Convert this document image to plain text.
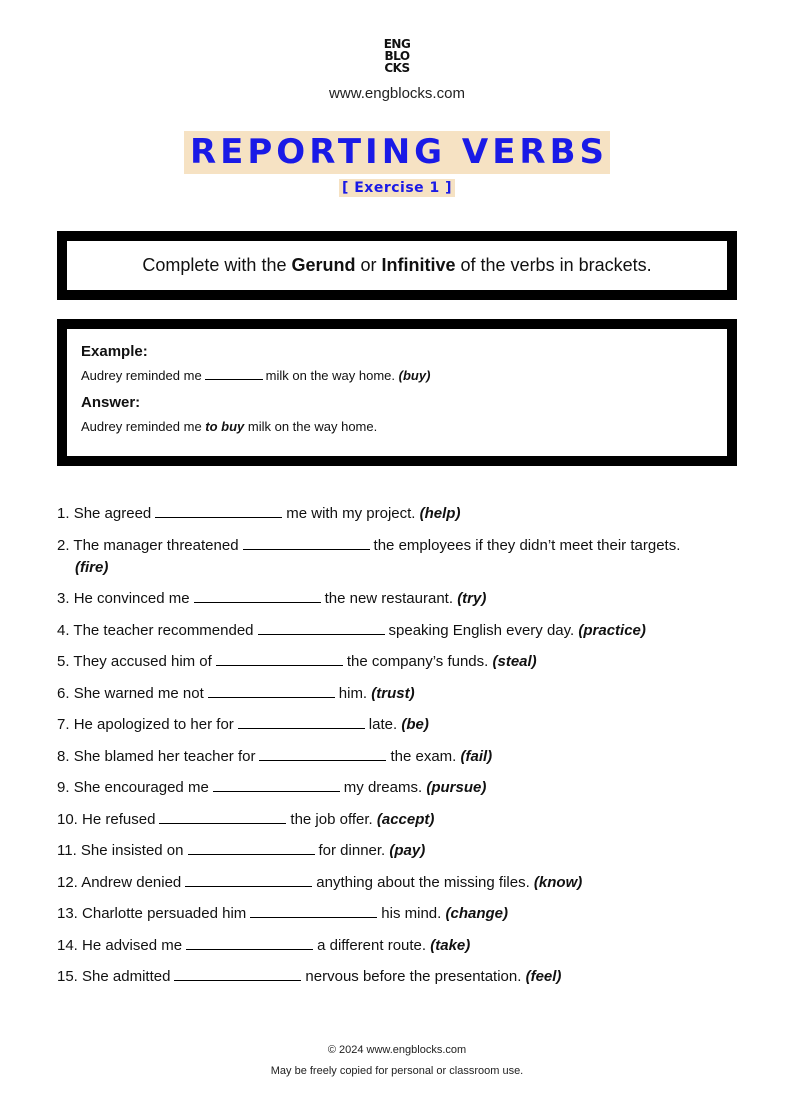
ENG
BLO
CKS
www.engblocks.com
REPORTING VERBS
[ Exercise 1 ]
Complete with the Gerund or Infinitive of the verbs in brackets.
Example:
Audrey reminded me	milk on the way home. (buy)
Answer:
Audrey reminded me to buy milk on the way home.
1. She agreed	me with my project. (help)
2. The manager threatened	the employees if they didn’t meet their targets.
(fire)
3. He convinced me	the new restaurant. (try)
4. The teacher recommended	speaking English every day. (practice)
5. They accused him of	the company’s funds. (steal)
6. She warned me not	him. (trust)
7. He apologized to her for	late. (be)
8. She blamed her teacher for	the exam. (fail)
9. She encouraged me	my dreams. (pursue)
10. He refused	the job offer. (accept)
11. She insisted on	for dinner. (pay)
12. Andrew denied	anything about the missing files. (know)
13. Charlotte persuaded him	his mind. (change)
14. He advised me	a different route. (take)
15. She admitted	nervous before the presentation. (feel)
© 2024 www.engblocks.com
May be freely copied for personal or classroom use.
